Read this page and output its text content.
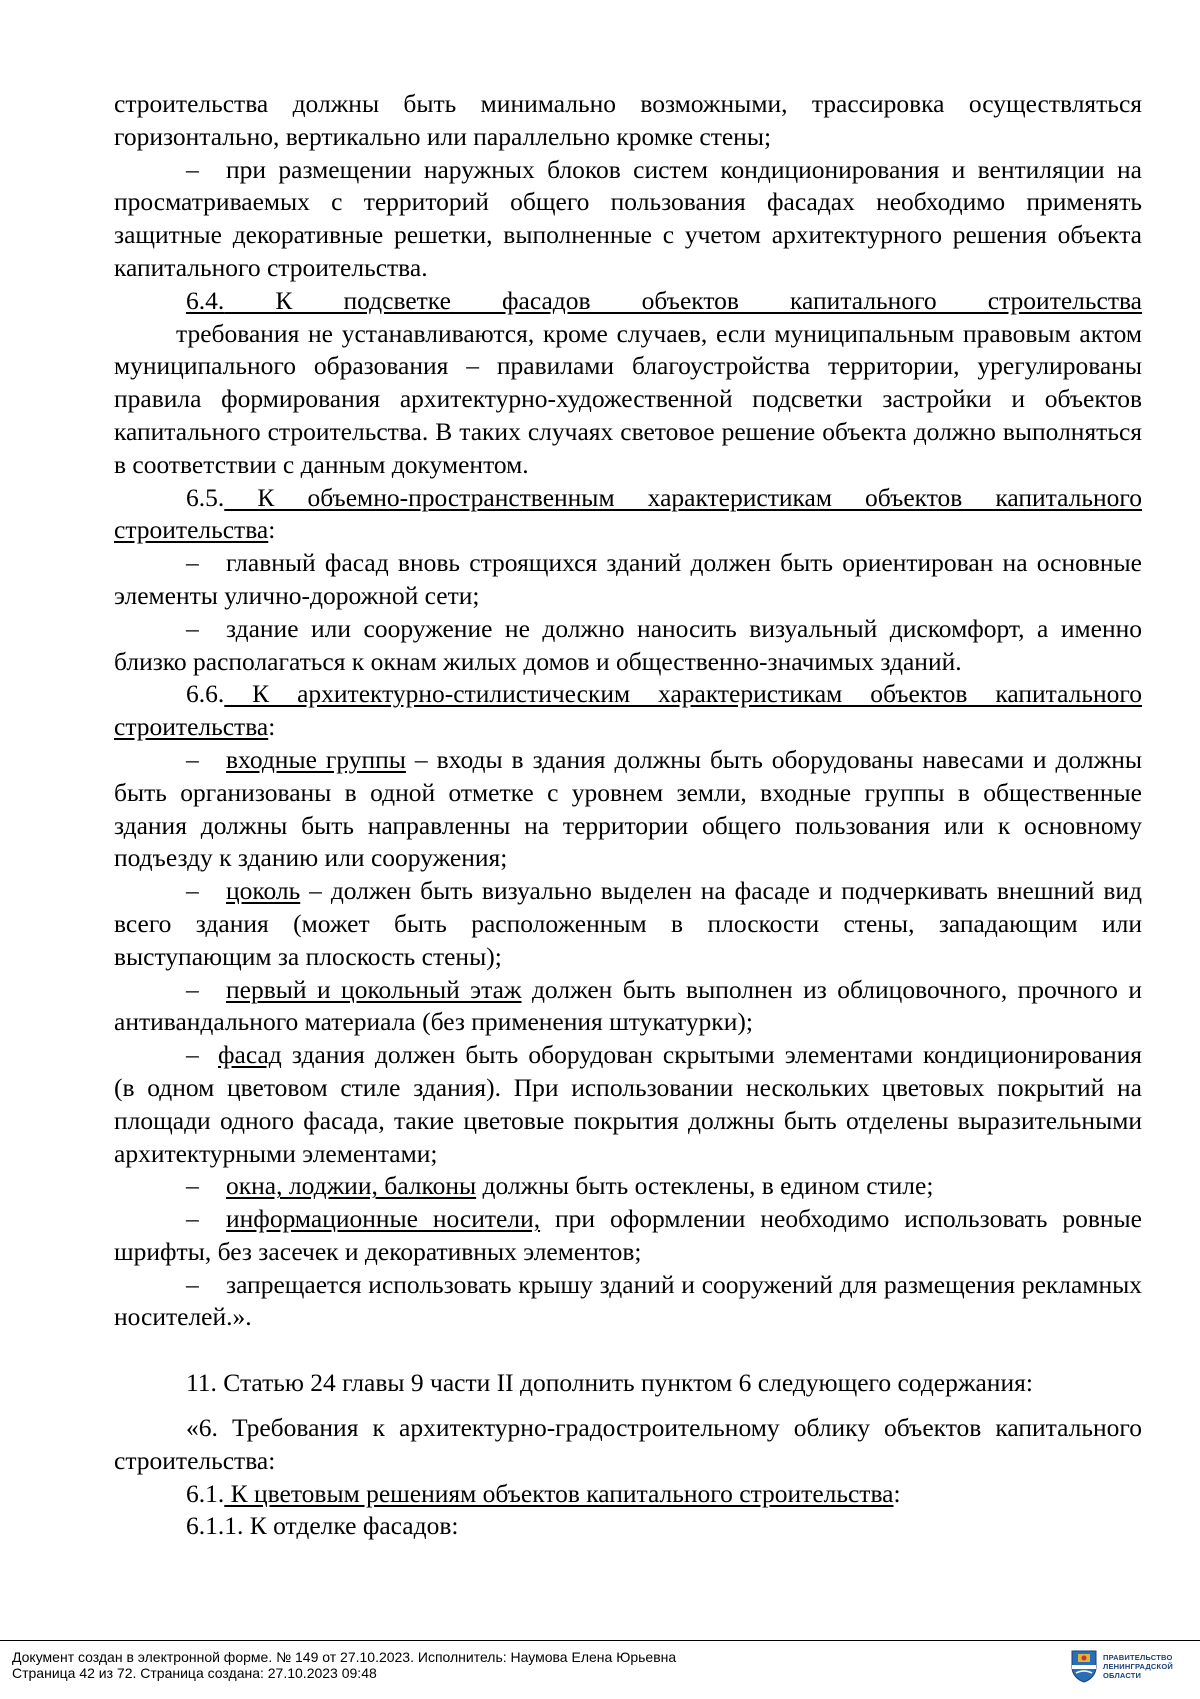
строительства должны быть минимально возможными, трассировка осуществляться горизонтально, вертикально или параллельно кромке стены;

– при размещении наружных блоков систем кондиционирования и вентиляции на просматриваемых с территорий общего пользования фасадах необходимо применять защитные декоративные решетки, выполненные с учетом архитектурного решения объекта капитального строительства.

6.4. К подсветке фасадов объектов капитального строительства
требования не устанавливаются, кроме случаев, если муниципальным правовым актом муниципального образования – правилами благоустройства территории, урегулированы правила формирования архитектурно-художественной подсветки застройки и объектов капитального строительства. В таких случаях световое решение объекта должно выполняться в соответствии с данным документом.

6.5. К объемно-пространственным характеристикам объектов капитального строительства:

– главный фасад вновь строящихся зданий должен быть ориентирован на основные элементы улично-дорожной сети;

– здание или сооружение не должно наносить визуальный дискомфорт, а именно близко располагаться к окнам жилых домов и общественно-значимых зданий.

6.6. К архитектурно-стилистическим характеристикам объектов капитального строительства:

– входные группы – входы в здания должны быть оборудованы навесами и должны быть организованы в одной отметке с уровнем земли, входные группы в общественные здания должны быть направленны на территории общего пользования или к основному подъезду к зданию или сооружения;

– цоколь – должен быть визуально выделен на фасаде и подчеркивать внешний вид всего здания (может быть расположенным в плоскости стены, западающим или выступающим за плоскость стены);

– первый и цокольный этаж должен быть выполнен из облицовочного, прочного и антивандального материала (без применения штукатурки);

– фасад здания должен быть оборудован скрытыми элементами кондиционирования (в одном цветовом стиле здания). При использовании нескольких цветовых покрытий на площади одного фасада, такие цветовые покрытия должны быть отделены выразительными архитектурными элементами;

– окна, лоджии, балконы должны быть остеклены, в едином стиле;

– информационные носители, при оформлении необходимо использовать ровные шрифты, без засечек и декоративных элементов;

– запрещается использовать крышу зданий и сооружений для размещения рекламных носителей.».

11. Статью 24 главы 9 части II дополнить пунктом 6 следующего содержания:

«6. Требования к архитектурно-градостроительному облику объектов капитального строительства:

6.1. К цветовым решениям объектов капитального строительства:

6.1.1. К отделке фасадов:

Документ создан в электронной форме. № 149 от 27.10.2023. Исполнитель: Наумова Елена Юрьевна
Страница 42 из 72. Страница создана: 27.10.2023 09:48
ПРАВИТЕЛЬСТВО
ЛЕНИНГРАДСКОЙ
ОБЛАСТИ
